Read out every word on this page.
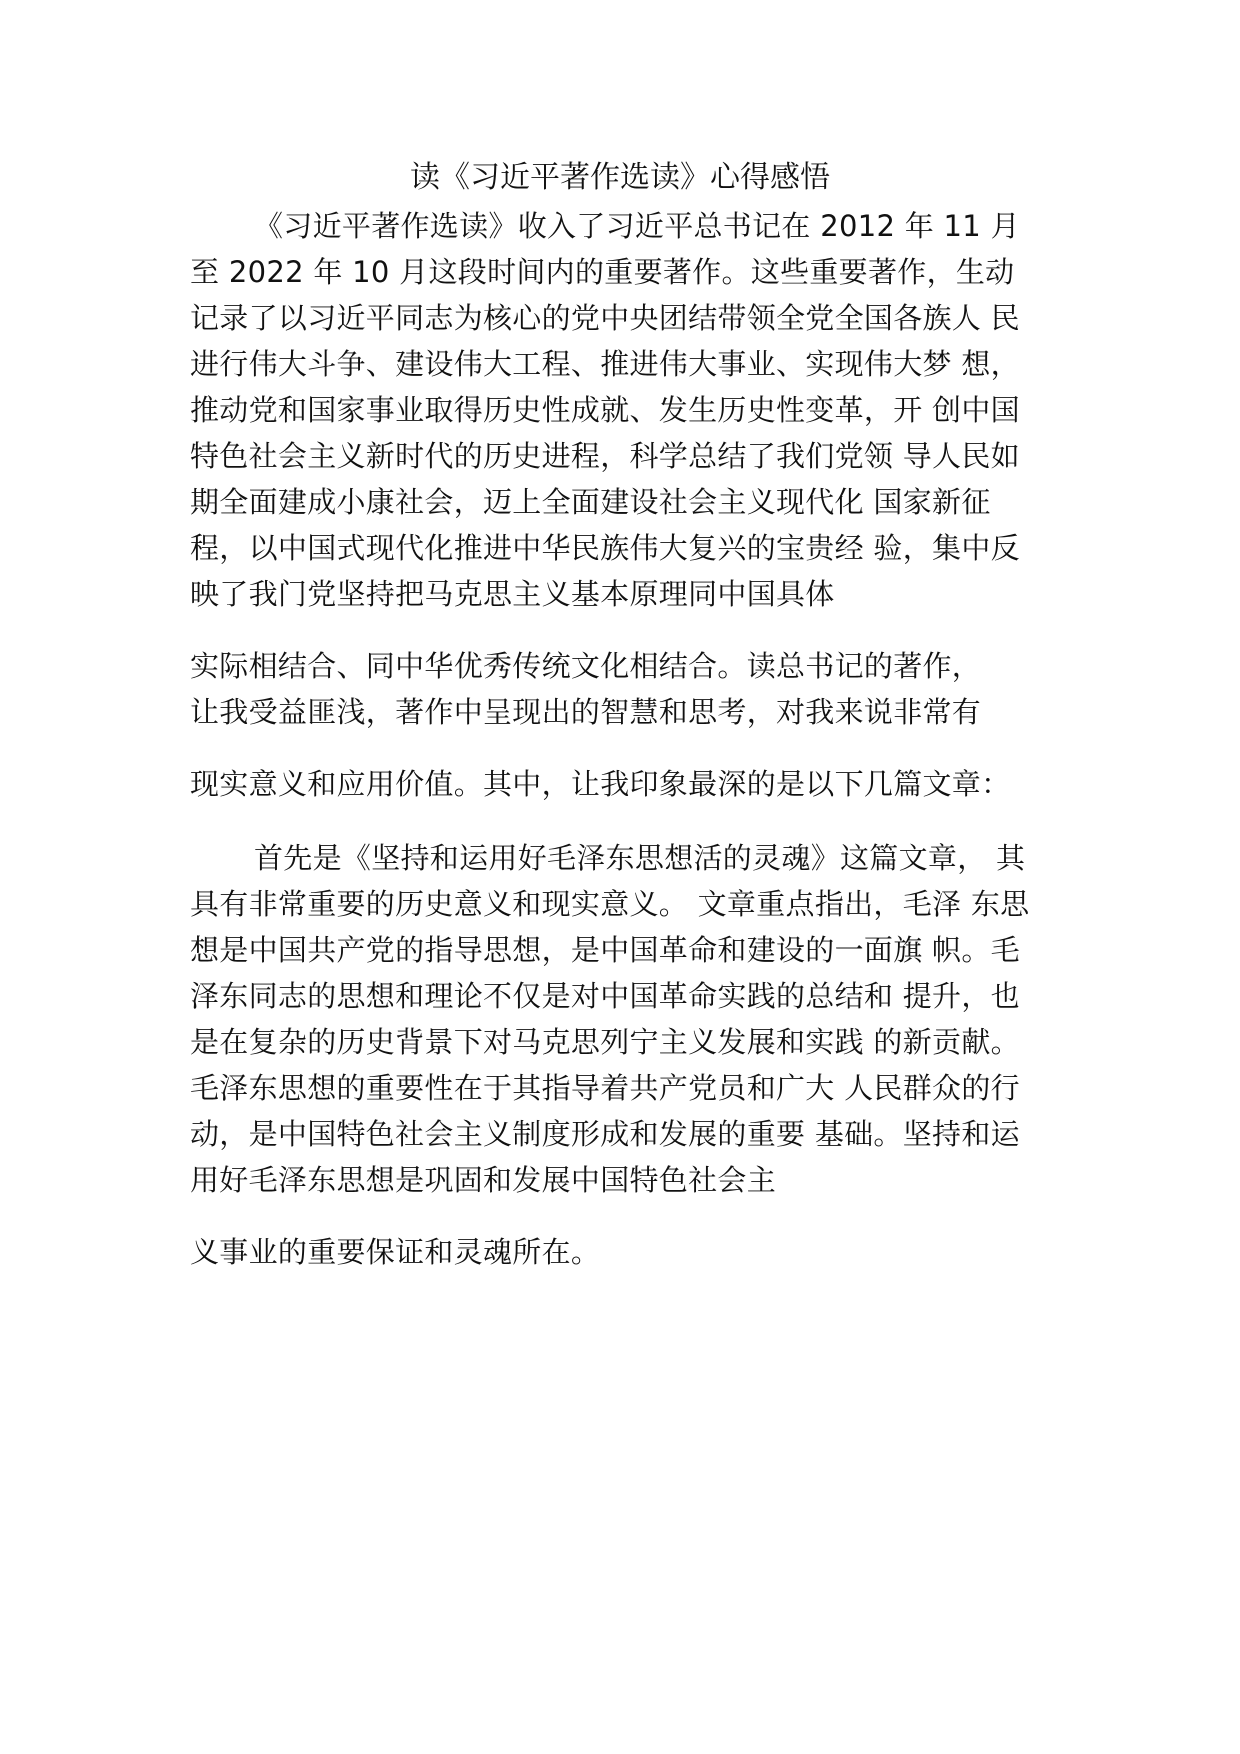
读《习近平著作选读》心得感悟
《习近平著作选读》收入了习近平总书记在 2012 年 11 月
至 2022 年 10 月这段时间内的重要著作。这些重要著作，生动
记录了以习近平同志为核心的党中央团结带领全党全国各族人 民
进行伟大斗争、建设伟大工程、推进伟大事业、实现伟大梦 想，
推动党和国家事业取得历史性成就、发生历史性变革，开 创中国
特色社会主义新时代的历史进程，科学总结了我们党领 导人民如
期全面建成小康社会，迈上全面建设社会主义现代化 国家新征
程，以中国式现代化推进中华民族伟大复兴的宝贵经 验，集中反
映了我门党坚持把马克思主义基本原理同中国具体
实际相结合、同中华优秀传统文化相结合。读总书记的著作，
让我受益匪浅，著作中呈现出的智慧和思考，对我来说非常有
现实意义和应用价值。其中，让我印象最深的是以下几篇文章：
首先是《坚持和运用好毛泽东思想活的灵魂》这篇文章， 其
具有非常重要的历史意义和现实意义。 文章重点指出，毛泽 东思
想是中国共产党的指导思想，是中国革命和建设的一面旗 帜。毛
泽东同志的思想和理论不仅是对中国革命实践的总结和 提升，也
是在复杂的历史背景下对马克思列宁主义发展和实践 的新贡献。
毛泽东思想的重要性在于其指导着共产党员和广大 人民群众的行
动，是中国特色社会主义制度形成和发展的重要 基础。坚持和运
用好毛泽东思想是巩固和发展中国特色社会主
义事业的重要保证和灵魂所在。
